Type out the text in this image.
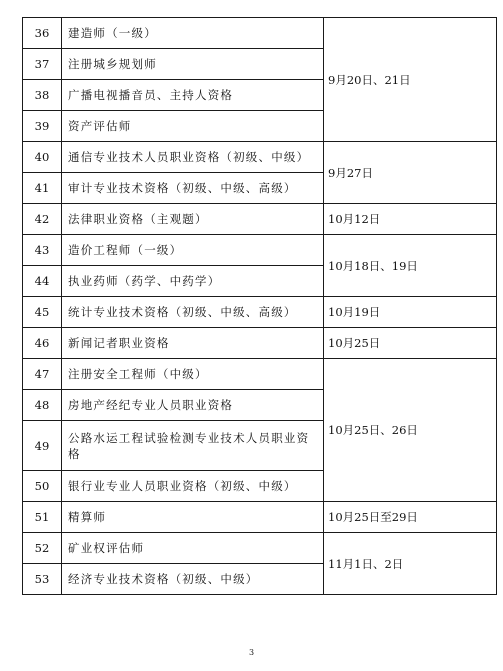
36	建造师（一级）	9月20日、21日
37	注册城乡规划师	
38	广播电视播音员、主持人资格	
39	资产评估师	
40	通信专业技术人员职业资格（初级、中级）	9月27日
41	审计专业技术资格（初级、中级、高级）	
42	法律职业资格（主观题）	10月12日
43	造价工程师（一级）	10月18日、19日
44	执业药师（药学、中药学）	
45	统计专业技术资格（初级、中级、高级）	10月19日
46	新闻记者职业资格	10月25日
47	注册安全工程师（中级）	10月25日、26日
48	房地产经纪专业人员职业资格	
49	公路水运工程试验检测专业技术人员职业资格	
50	银行业专业人员职业资格（初级、中级）	
51	精算师	10月25日至29日
52	矿业权评估师	11月1日、2日
53	经济专业技术资格（初级、中级）	
3
